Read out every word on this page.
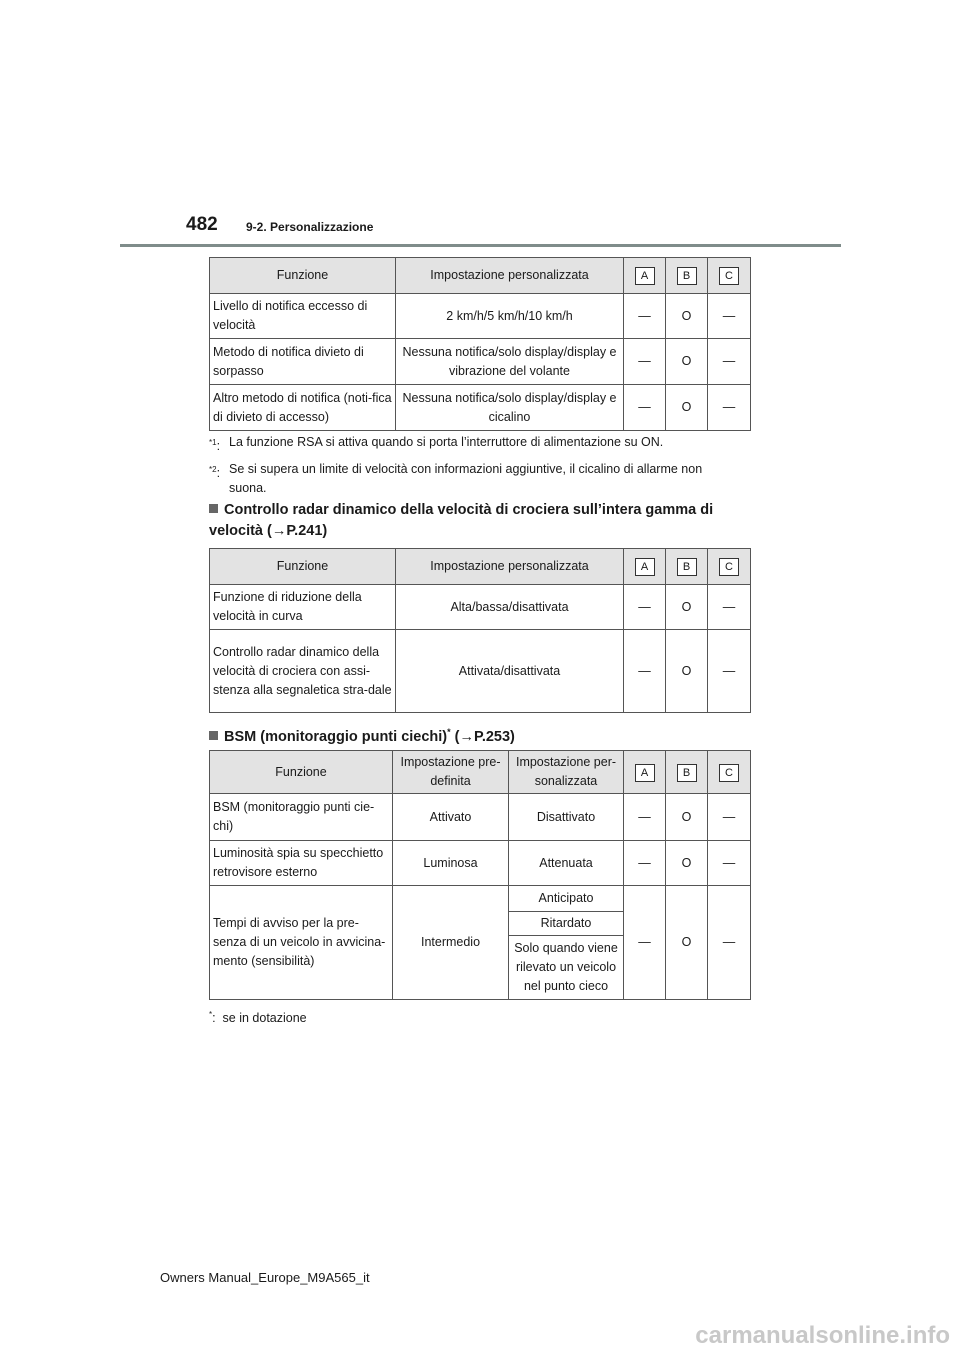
482 9-2. Personalizzazione
Funzione	Impostazione personalizzata	A	B	C
Livello di notifica eccesso di velocità	2 km/h/5 km/h/10 km/h	—	O	—
Metodo di notifica divieto di sorpasso	Nessuna notifica/solo display/display e vibrazione del volante	—	O	—
Altro metodo di notifica (noti-fica di divieto di accesso)	Nessuna notifica/solo display/display e cicalino	—	O	—
$^{*1}$: La funzione RSA si attiva quando si porta l’interruttore di alimentazione su ON.
$^{*2}$: Se si supera un limite di velocità con informazioni aggiuntive, il cicalino di allarme non suona.
Controllo radar dinamico della velocità di crociera sull’intera gamma di velocità (→P.241)
Funzione	Impostazione personalizzata	A	B	C
Funzione di riduzione della velocità in curva	Alta/bassa/disattivata	—	O	—
Controllo radar dinamico della velocità di crociera con assi-stenza alla segnaletica stra-dale	Attivata/disattivata	—	O	—
BSM (monitoraggio punti ciechi)* (→P.253)
Funzione	Impostazione pre-definita	Impostazione per-sonalizzata	A	B	C
BSM (monitoraggio punti cie-chi)	Attivato	Disattivato	—	O	—
Luminosità spia su specchietto retrovisore esterno	Luminosa	Attenuata	—	O	—
Tempi di avviso per la pre-senza di un veicolo in avvicina-mento (sensibilità)	Intermedio	Anticipato	—	O	—
		Ritardato			
		Solo quando viene rilevato un veicolo nel punto cieco			
*:  se in dotazione
Owners Manual_Europe_M9A565_it
carmanualsonline.info
